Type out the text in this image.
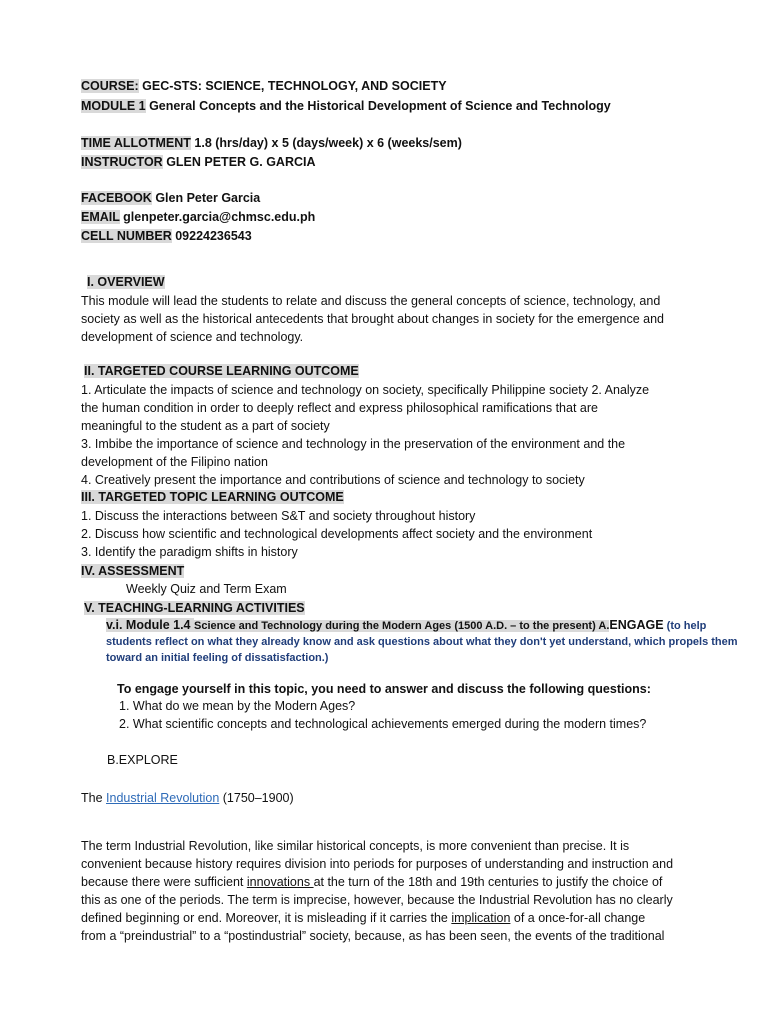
COURSE: GEC-STS: SCIENCE, TECHNOLOGY, AND SOCIETY
MODULE 1 General Concepts and the Historical Development of Science and Technology
TIME ALLOTMENT 1.8 (hrs/day) x 5 (days/week) x 6 (weeks/sem)
INSTRUCTOR GLEN PETER G. GARCIA
FACEBOOK Glen Peter Garcia
EMAIL glenpeter.garcia@chmsc.edu.ph
CELL NUMBER 09224236543
I. OVERVIEW
This module will lead the students to relate and discuss the general concepts of science, technology, and
society as well as the historical antecedents that brought about changes in society for the emergence and
development of science and technology.
II. TARGETED COURSE LEARNING OUTCOME
1. Articulate the impacts of science and technology on society, specifically Philippine society 2. Analyze
the human condition in order to deeply reflect and express philosophical ramifications that are
meaningful to the student as a part of society
3. Imbibe the importance of science and technology in the preservation of the environment and the
development of the Filipino nation
4. Creatively present the importance and contributions of science and technology to society
III. TARGETED TOPIC LEARNING OUTCOME
1. Discuss the interactions between S&T and society throughout history
2. Discuss how scientific and technological developments affect society and the environment
3. Identify the paradigm shifts in history
IV. ASSESSMENT
Weekly Quiz and Term Exam
V. TEACHING-LEARNING ACTIVITIES
v.i. Module 1.4 Science and Technology during the Modern Ages (1500 A.D. – to the present) A.ENGAGE (to help
students reflect on what they already know and ask questions about what they don't yet understand, which propels them
toward an initial feeling of dissatisfaction.)
To engage yourself in this topic, you need to answer and discuss the following questions:
1. What do we mean by the Modern Ages?
2. What scientific concepts and technological achievements emerged during the modern times?
B.EXPLORE
The Industrial Revolution (1750–1900)
The term Industrial Revolution, like similar historical concepts, is more convenient than precise. It is
convenient because history requires division into periods for purposes of understanding and instruction and
because there were sufficient innovations at the turn of the 18th and 19th centuries to justify the choice of
this as one of the periods. The term is imprecise, however, because the Industrial Revolution has no clearly
defined beginning or end. Moreover, it is misleading if it carries the implication of a once-for-all change
from a “preindustrial” to a “postindustrial” society, because, as has been seen, the events of the traditional
